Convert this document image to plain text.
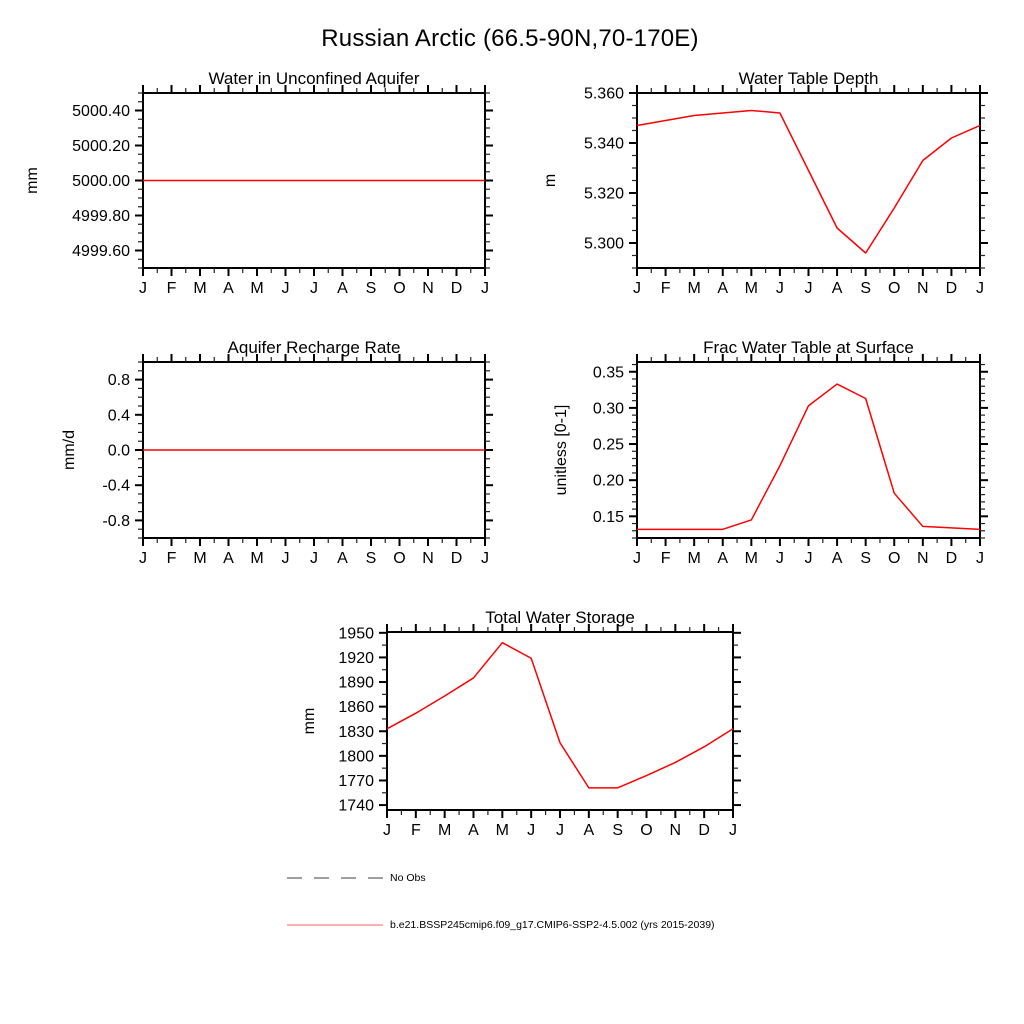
Russian Arctic (66.5-90N,70-170E)
J F M A M J J A S O N D J
4999.60
4999.80
5000.00
5000.20
5000.40
Water in Unconfined Aquifer
mm
J F M A M J J A S O N D J
5.300
5.320
5.340
5.360
Water Table Depth
m
J F M A M J J A S O N D J
-0.8
-0.4
0.0
0.4
0.8
Aquifer Recharge Rate
mm/d
J F M A M J J A S O N D J
0.15
0.20
0.25
0.30
0.35
Frac Water Table at Surface
unitless [0-1]
J F M A M J J A S O N D J
1740
1770
1800
1830
1860
1890
1920
1950
Total Water Storage
mm
No Obs
b.e21.BSSP245cmip6.f09_g17.CMIP6-SSP2-4.5.002 (yrs 2015-2039)
